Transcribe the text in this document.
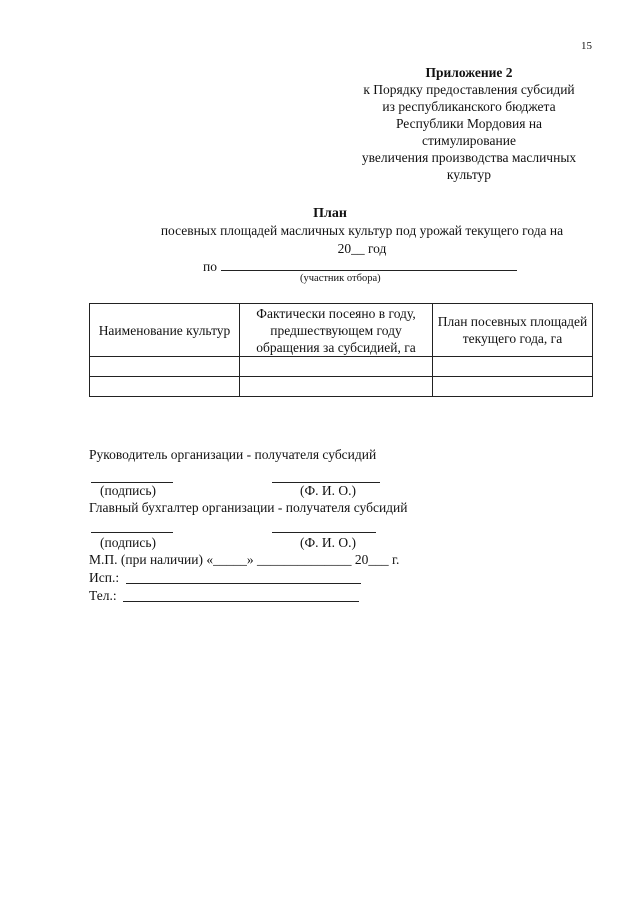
15
Приложение 2
к Порядку предоставления субсидий
из республиканского бюджета
Республики Мордовия на
стимулирование
увеличения производства масличных
культур
План
посевных площадей масличных культур под урожай текущего года на
20__ год
по
(участник отбора)
Наименование культур	Фактически посеяно в году, предшествующем году обращения за субсидией, га	План посевных площадей текущего года, га

Руководитель организации - получателя субсидий
(подпись)	(Ф. И. О.)
Главный бухгалтер организации - получателя субсидий
(подпись)	(Ф. И. О.)
М.П. (при наличии) «_____» ______________ 20___ г.
Исп.:
Тел.:
